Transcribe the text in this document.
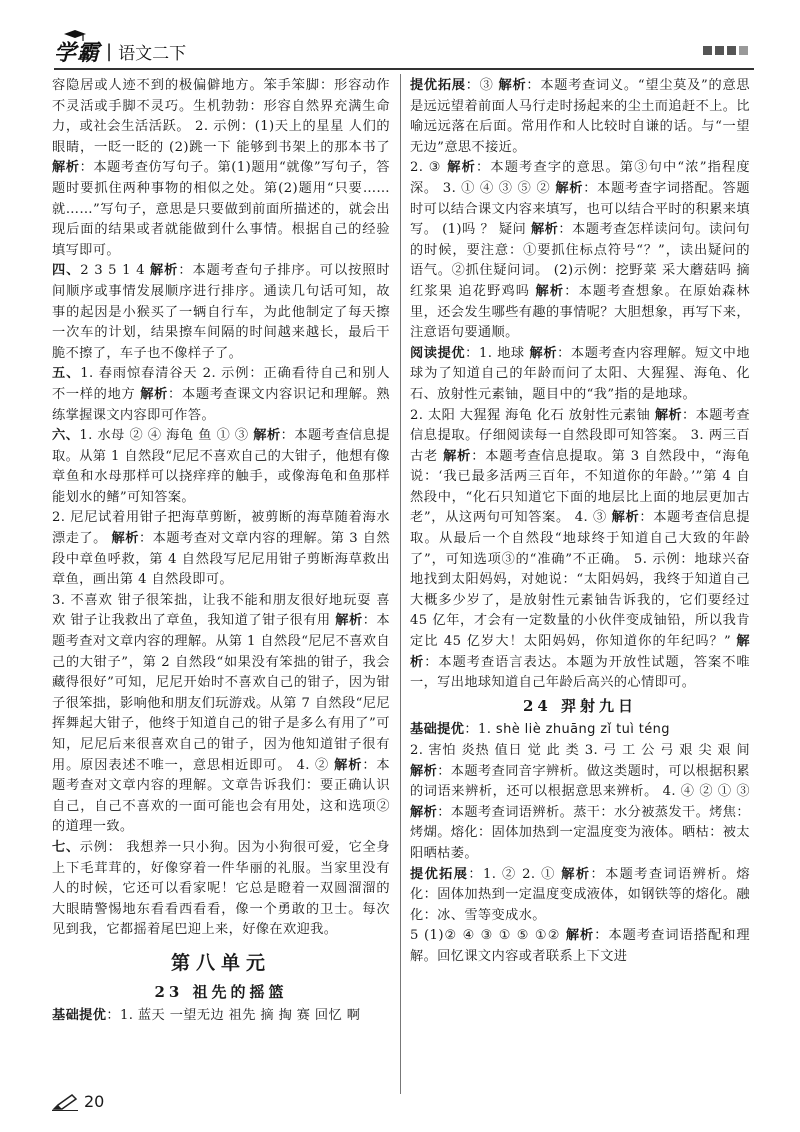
学霸 | 语文二下

容隐居或人迹不到的极偏僻地方。笨手笨脚：形容动作不灵活或手脚不灵巧。生机勃勃：形容自然界充满生命力，或社会生活活跃。 2. 示例：(1)天上的星星 人们的眼睛，一眨一眨的 (2)跳一下 能够到书架上的那本书了 解析：本题考查仿写句子。第(1)题用“就像”写句子，答题时要抓住两种事物的相似之处。第(2)题用“只要……就……”写句子，意思是只要做到前面所描述的，就会出现后面的结果或者就能做到什么事情。根据自己的经验填写即可。

四、2 3 5 1 4 解析：本题考查句子排序。可以按照时间顺序或事情发展顺序进行排序。通读几句话可知，故事的起因是小猴买了一辆自行车，为此他制定了每天擦一次车的计划，结果擦车间隔的时间越来越长，最后干脆不擦了，车子也不像样子了。

五、1. 春雨惊春清谷天 2. 示例：正确看待自己和别人不一样的地方 解析：本题考查课文内容识记和理解。熟练掌握课文内容即可作答。

六、1. 水母 ② ④ 海龟 鱼 ① ③ 解析：本题考查信息提取。从第 1 自然段“尼尼不喜欢自己的大钳子，他想有像章鱼和水母那样可以挠痒痒的触手，或像海龟和鱼那样能划水的鳍”可知答案。

2. 尼尼试着用钳子把海草剪断，被剪断的海草随着海水漂走了。 解析：本题考查对文章内容的理解。第 3 自然段中章鱼呼救，第 4 自然段写尼尼用钳子剪断海草救出章鱼，画出第 4 自然段即可。

3. 不喜欢 钳子很笨拙，让我不能和朋友很好地玩耍 喜欢 钳子让我救出了章鱼，我知道了钳子很有用 解析：本题考查对文章内容的理解。从第 1 自然段“尼尼不喜欢自己的大钳子”，第 2 自然段“如果没有笨拙的钳子，我会藏得很好”可知，尼尼开始时不喜欢自己的钳子，因为钳子很笨拙，影响他和朋友们玩游戏。从第 7 自然段“尼尼挥舞起大钳子，他终于知道自己的钳子是多么有用了”可知，尼尼后来很喜欢自己的钳子，因为他知道钳子很有用。原因表述不唯一，意思相近即可。 4. ② 解析：本题考查对文章内容的理解。文章告诉我们：要正确认识自己，自己不喜欢的一面可能也会有用处，这和选项②的道理一致。

七、示例： 我想养一只小狗。因为小狗很可爱，它全身上下毛茸茸的，好像穿着一件华丽的礼服。当家里没有人的时候，它还可以看家呢！它总是瞪着一双圆溜溜的大眼睛警惕地东看看西看看，像一个勇敢的卫士。每次见到我，它都摇着尾巴迎上来，好像在欢迎我。

第八单元
23 祖先的摇篮

基础提优：1. 蓝天 一望无边 祖先 摘 掏 赛 回忆 啊

提优拓展：③ 解析：本题考查词义。“望尘莫及”的意思是远远望着前面人马行走时扬起来的尘土而追赶不上。比喻远远落在后面。常用作和人比较时自谦的话。与“一望无边”意思不接近。

2. ③ 解析：本题考查字的意思。第③句中“浓”指程度深。 3. ① ④ ③ ⑤ ② 解析：本题考查字词搭配。答题时可以结合课文内容来填写，也可以结合平时的积累来填写。 (1)吗 ？ 疑问 解析：本题考查怎样读问句。读问句的时候，要注意：①要抓住标点符号“？”，读出疑问的语气。②抓住疑问词。 (2)示例：挖野菜 采大蘑菇吗 摘红浆果 追花野鸡吗 解析：本题考查想象。在原始森林里，还会发生哪些有趣的事情呢？大胆想象，再写下来，注意语句要通顺。

阅读提优：1. 地球 解析：本题考查内容理解。短文中地球为了知道自己的年龄而问了太阳、大猩猩、海龟、化石、放射性元素铀，题目中的“我”指的是地球。

2. 太阳 大猩猩 海龟 化石 放射性元素铀 解析：本题考查信息提取。仔细阅读每一自然段即可知答案。 3. 两三百 古老 解析：本题考查信息提取。第 3 自然段中，“海龟说：‘我已最多活两三百年，不知道你的年龄。’”第 4 自然段中，“化石只知道它下面的地层比上面的地层更加古老”，从这两句可知答案。 4. ③ 解析：本题考查信息提取。从最后一个自然段“地球终于知道自己大致的年龄了”，可知选项③的“准确”不正确。 5. 示例：地球兴奋地找到太阳妈妈，对她说：“太阳妈妈，我终于知道自己大概多少岁了，是放射性元素铀告诉我的，它们要经过 45 亿年，才会有一定数量的小伙伴变成铀铅，所以我肯定比 45 亿岁大！太阳妈妈，你知道你的年纪吗？” 解析：本题考查语言表达。本题为开放性试题，答案不唯一，写出地球知道自己年龄后高兴的心情即可。

24 羿射九日

基础提优：1. shè liè zhuāng zǐ tuì téng
2. 害怕 炎热 值日 觉 此 类 3. 弓 工 公 弓 艰 尖 艰 间 解析：本题考查同音字辨析。做这类题时，可以根据积累的词语来辨析，还可以根据意思来辨析。 4. ④ ② ① ③ 解析：本题考查词语辨析。蒸干：水分被蒸发干。烤焦：烤煳。熔化：固体加热到一定温度变为液体。晒枯：被太阳晒枯萎。

提优拓展：1. ② 2. ① 解析：本题考查词语辨析。熔化：固体加热到一定温度变成液体，如钢铁等的熔化。融化：冰、雪等变成水。

5 (1)② ④ ③ ① ⑤ ①② 解析：本题考查词语搭配和理解。回忆课文内容或者联系上下文进

20
